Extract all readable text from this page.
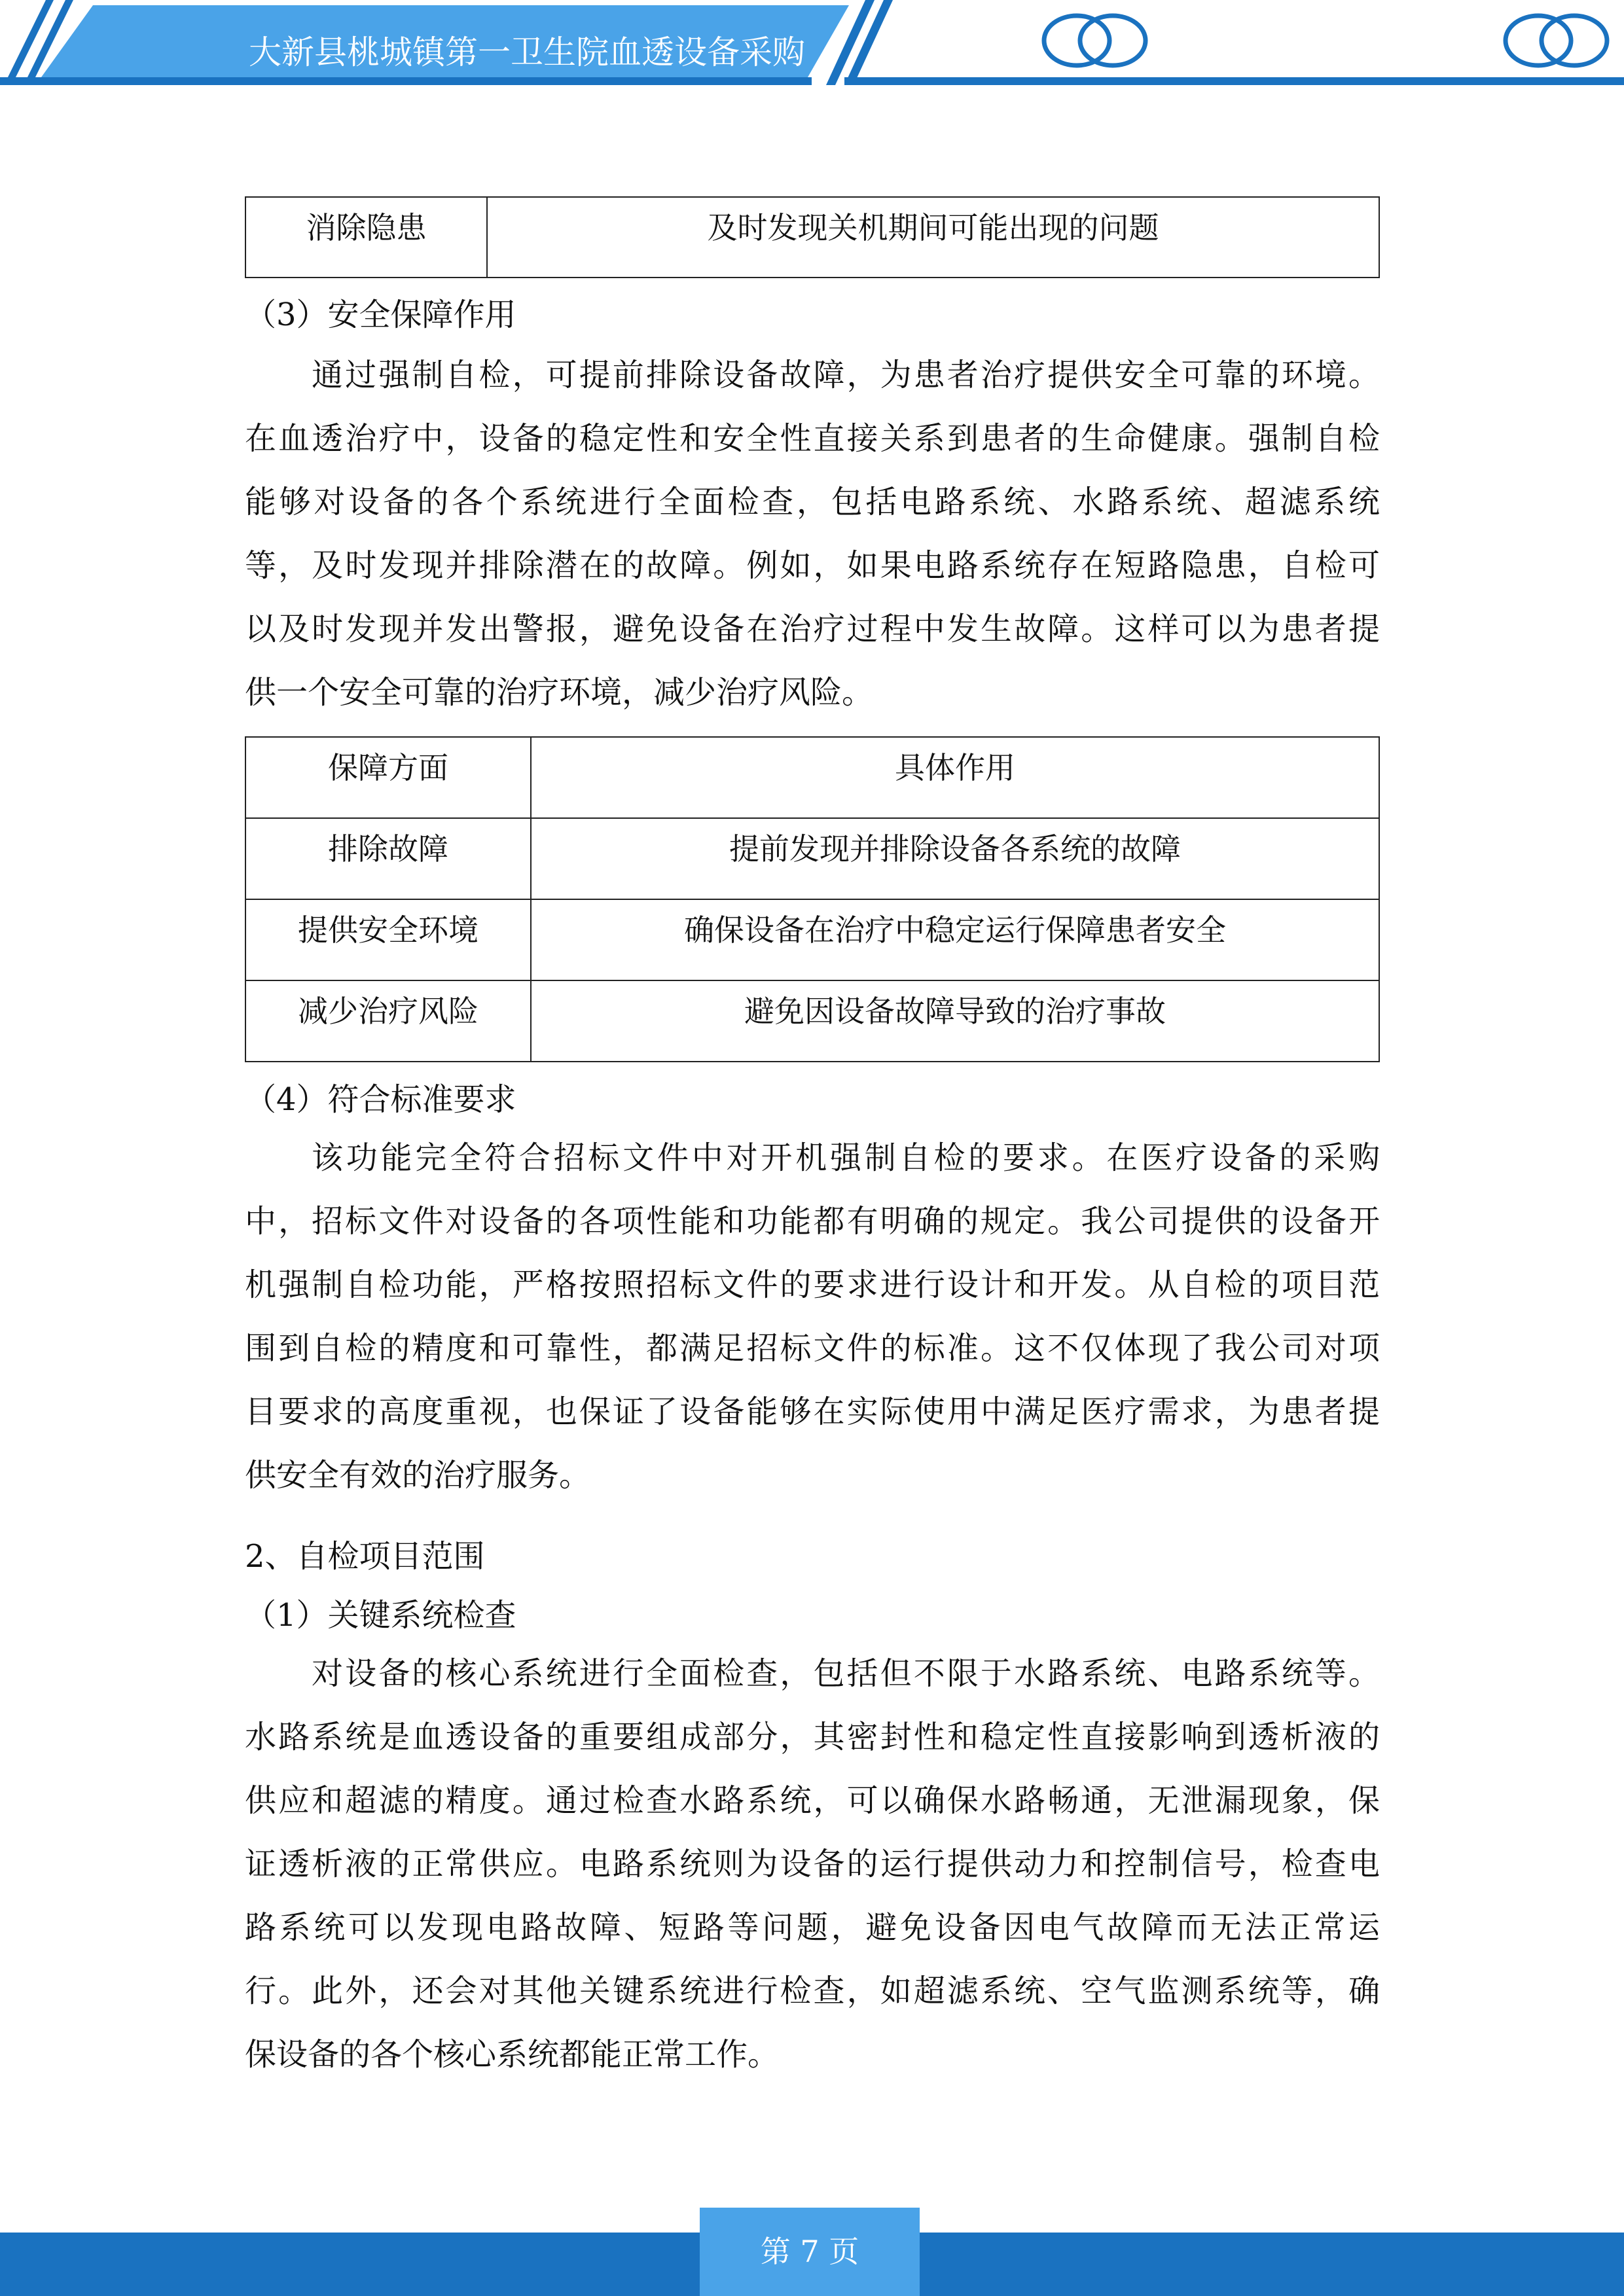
大新县桃城镇第一卫生院血透设备采购
消除隐患	及时发现关机期间可能出现的问题
（3）安全保障作用
通过强制自检，可提前排除设备故障，为患者治疗提供安全可靠的环境。
在血透治疗中，设备的稳定性和安全性直接关系到患者的生命健康。强制自检
能够对设备的各个系统进行全面检查，包括电路系统、水路系统、超滤系统
等，及时发现并排除潜在的故障。例如，如果电路系统存在短路隐患，自检可
以及时发现并发出警报，避免设备在治疗过程中发生故障。这样可以为患者提
供一个安全可靠的治疗环境，减少治疗风险。
保障方面	具体作用
排除故障	提前发现并排除设备各系统的故障
提供安全环境	确保设备在治疗中稳定运行保障患者安全
减少治疗风险	避免因设备故障导致的治疗事故
（4）符合标准要求
该功能完全符合招标文件中对开机强制自检的要求。在医疗设备的采购
中，招标文件对设备的各项性能和功能都有明确的规定。我公司提供的设备开
机强制自检功能，严格按照招标文件的要求进行设计和开发。从自检的项目范
围到自检的精度和可靠性，都满足招标文件的标准。这不仅体现了我公司对项
目要求的高度重视，也保证了设备能够在实际使用中满足医疗需求，为患者提
供安全有效的治疗服务。
2、自检项目范围
（1）关键系统检查
对设备的核心系统进行全面检查，包括但不限于水路系统、电路系统等。
水路系统是血透设备的重要组成部分，其密封性和稳定性直接影响到透析液的
供应和超滤的精度。通过检查水路系统，可以确保水路畅通，无泄漏现象，保
证透析液的正常供应。电路系统则为设备的运行提供动力和控制信号，检查电
路系统可以发现电路故障、短路等问题，避免设备因电气故障而无法正常运
行。此外，还会对其他关键系统进行检查，如超滤系统、空气监测系统等，确
保设备的各个核心系统都能正常工作。
第 7 页
